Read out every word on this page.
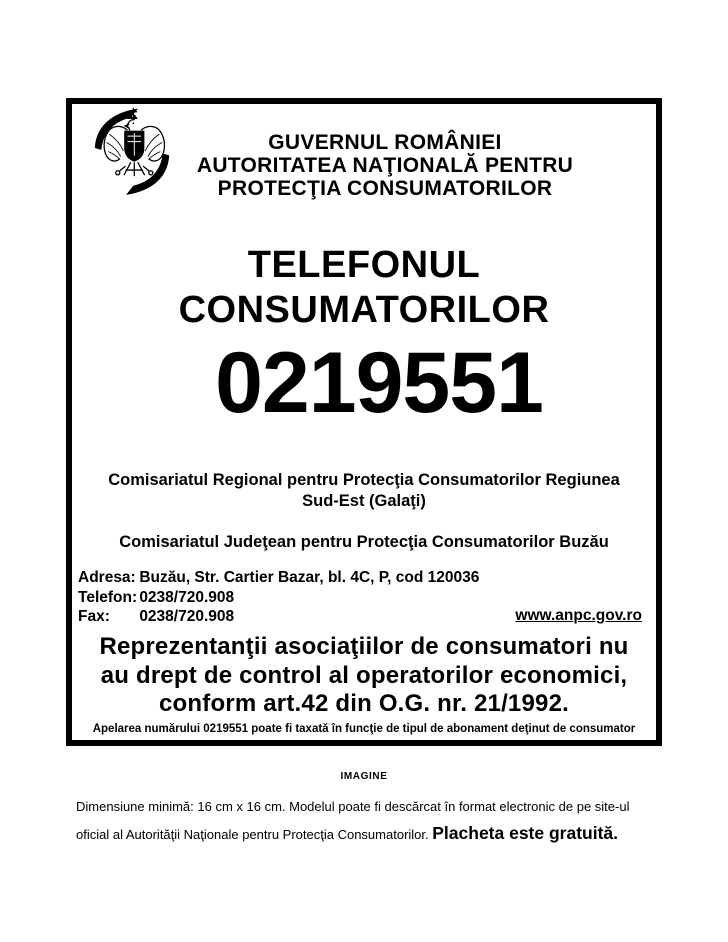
GUVERNUL ROMÂNIEI
AUTORITATEA NAŢIONALĂ PENTRU
PROTECŢIA CONSUMATORILOR
TELEFONUL
CONSUMATORILOR
0219551
Comisariatul Regional pentru Protecţia Consumatorilor Regiunea
Sud-Est (Galaţi)
Comisariatul Judeţean pentru Protecţia Consumatorilor Buzău
Adresa: Buzău, Str. Cartier Bazar, bl. 4C, P, cod 120036
Telefon: 0238/720.908
Fax: 0238/720.908	www.anpc.gov.ro
Reprezentanţii asociaţiilor de consumatori nu
au drept de control al operatorilor economici,
conform art.42 din O.G. nr. 21/1992.
Apelarea numărului 0219551 poate fi taxată în funcţie de tipul de abonament deţinut de consumator
IMAGINE
Dimensiune minimă: 16 cm x 16 cm. Modelul poate fi descărcat în format electronic de pe site-ul
oficial al Autorităţii Naţionale pentru Protecţia Consumatorilor. Placheta este gratuită.
